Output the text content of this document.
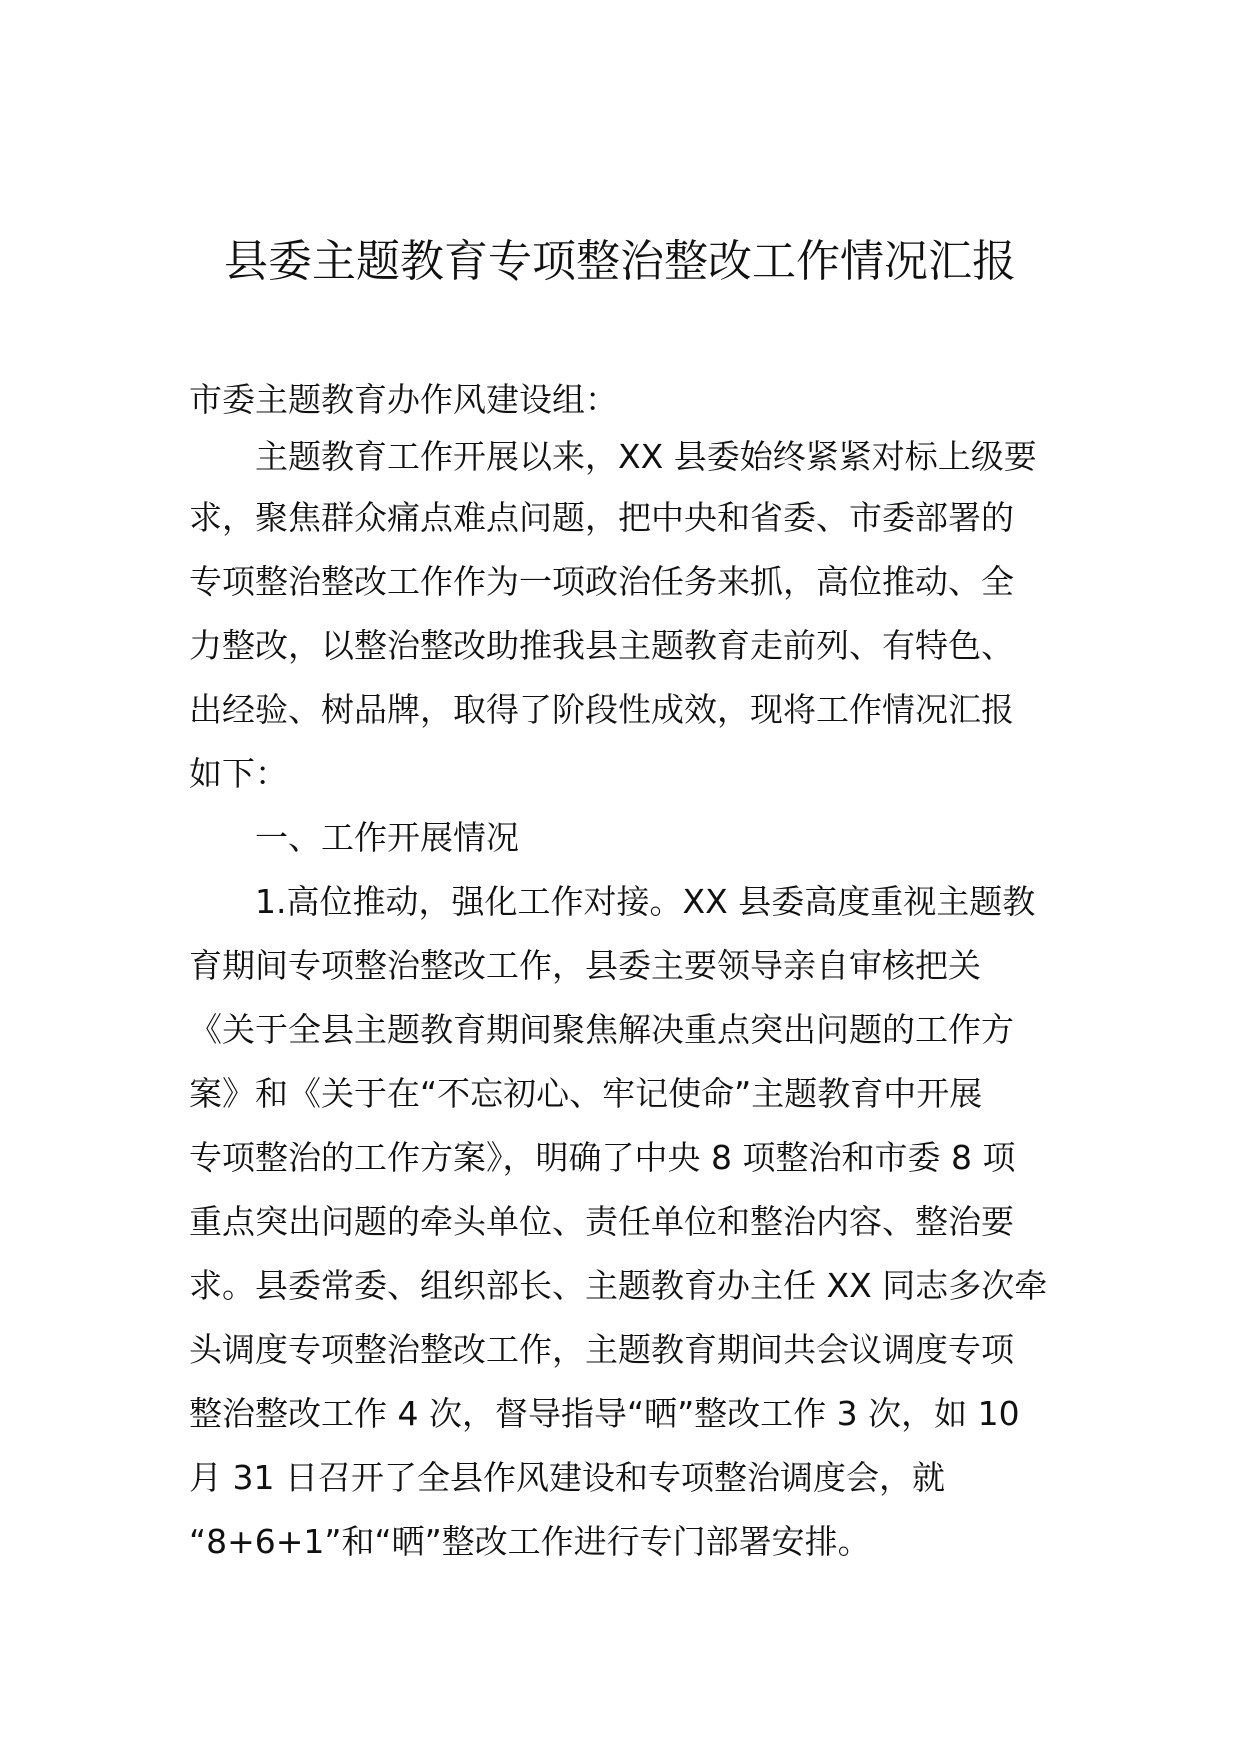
县委主题教育专项整治整改工作情况汇报
市委主题教育办作风建设组：
主题教育工作开展以来，XX 县委始终紧紧对标上级要
求，聚焦群众痛点难点问题，把中央和省委、市委部署的
专项整治整改工作作为一项政治任务来抓，高位推动、全
力整改，以整治整改助推我县主题教育走前列、有特色、
出经验、树品牌，取得了阶段性成效，现将工作情况汇报
如下：
一、工作开展情况
1.高位推动，强化工作对接。XX 县委高度重视主题教
育期间专项整治整改工作，县委主要领导亲自审核把关
《关于全县主题教育期间聚焦解决重点突出问题的工作方
案》和《关于在“不忘初心、牢记使命”主题教育中开展
专项整治的工作方案》，明确了中央 8 项整治和市委 8 项
重点突出问题的牵头单位、责任单位和整治内容、整治要
求。县委常委、组织部长、主题教育办主任 XX 同志多次牵
头调度专项整治整改工作，主题教育期间共会议调度专项
整治整改工作 4 次，督导指导“晒”整改工作 3 次，如 10
月 31 日召开了全县作风建设和专项整治调度会，就
“8+6+1”和“晒”整改工作进行专门部署安排。
